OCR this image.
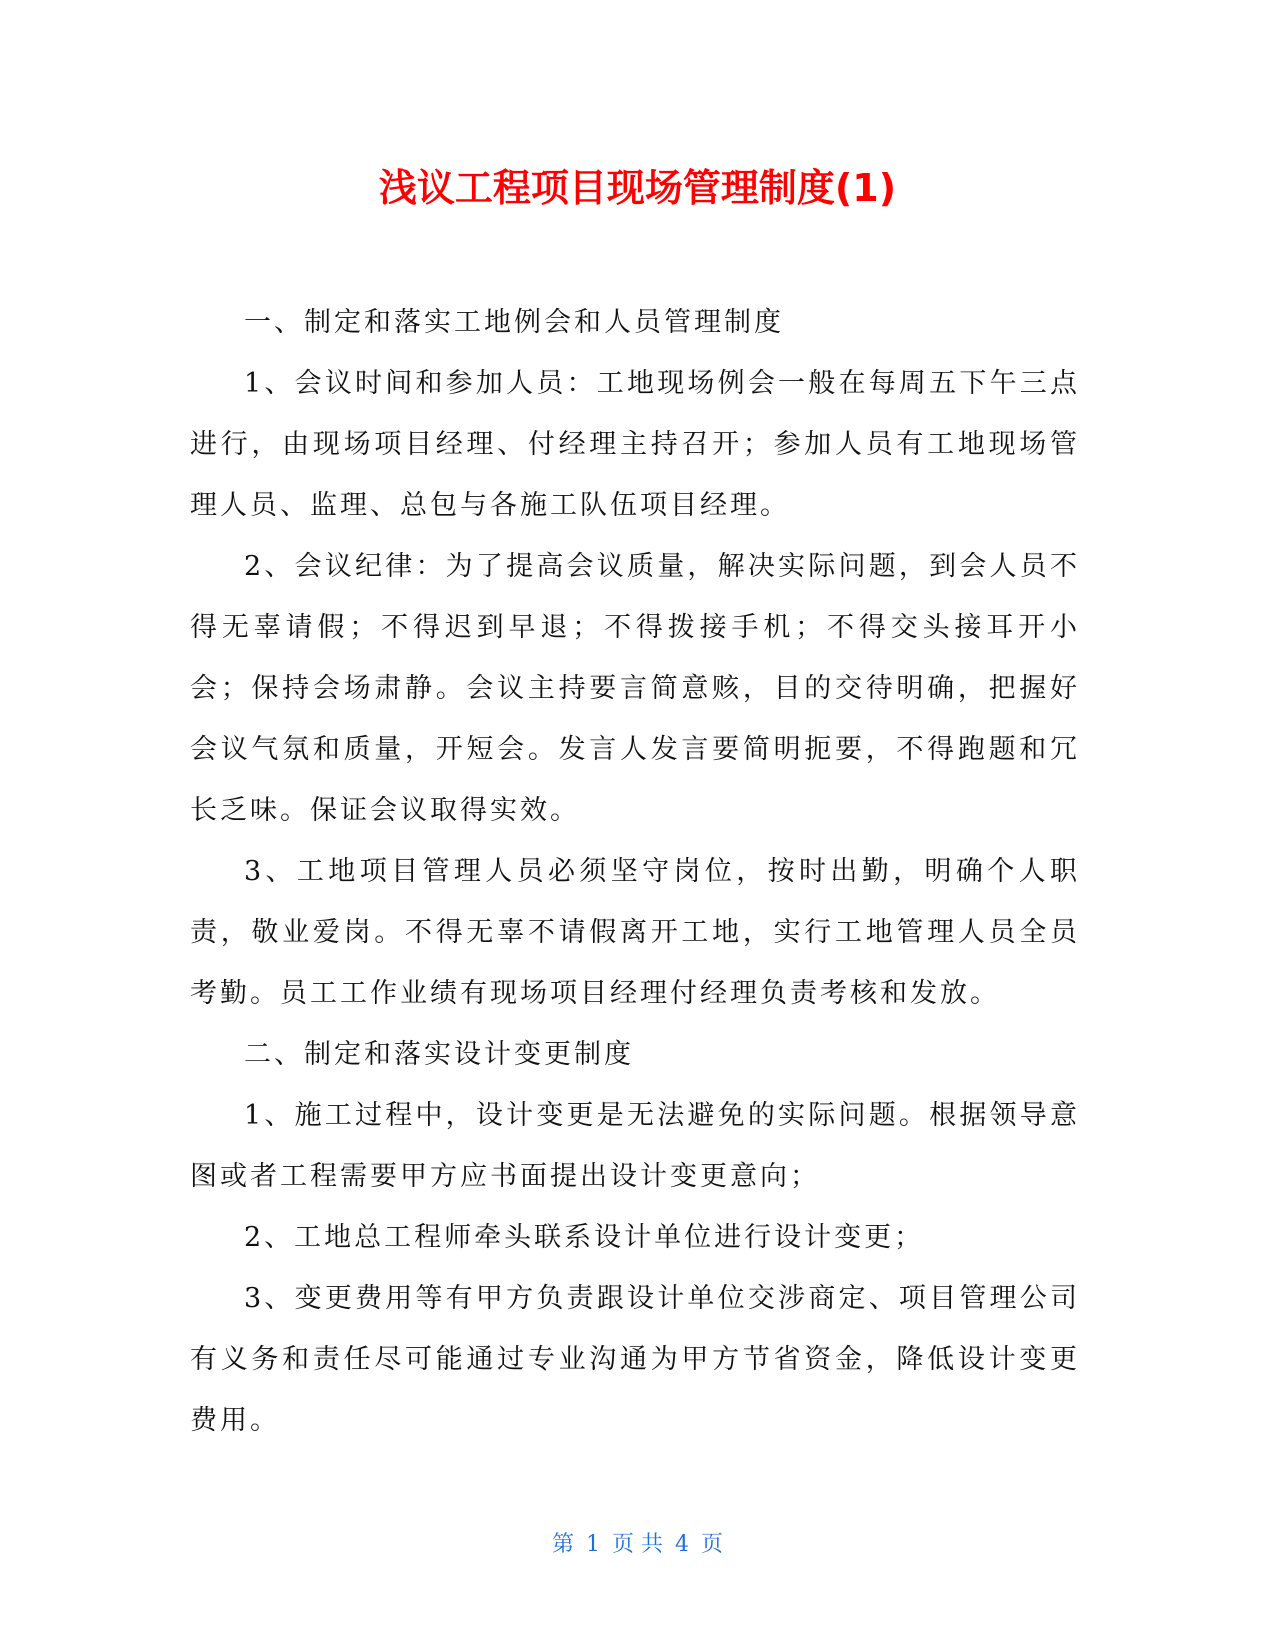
浅议工程项目现场管理制度(1)

一、制定和落实工地例会和人员管理制度

1、会议时间和参加人员：工地现场例会一般在每周五下午三点进行，由现场项目经理、付经理主持召开；参加人员有工地现场管理人员、监理、总包与各施工队伍项目经理。

2、会议纪律：为了提高会议质量，解决实际问题，到会人员不得无辜请假；不得迟到早退；不得拨接手机；不得交头接耳开小会；保持会场肃静。会议主持要言简意赅，目的交待明确，把握好会议气氛和质量，开短会。发言人发言要简明扼要，不得跑题和冗长乏味。保证会议取得实效。

3、工地项目管理人员必须坚守岗位，按时出勤，明确个人职责，敬业爱岗。不得无辜不请假离开工地，实行工地管理人员全员考勤。员工工作业绩有现场项目经理付经理负责考核和发放。

二、制定和落实设计变更制度

1、施工过程中，设计变更是无法避免的实际问题。根据领导意图或者工程需要甲方应书面提出设计变更意向；

2、工地总工程师牵头联系设计单位进行设计变更；

3、变更费用等有甲方负责跟设计单位交涉商定、项目管理公司有义务和责任尽可能通过专业沟通为甲方节省资金，降低设计变更费用。

第 1 页 共 4 页
